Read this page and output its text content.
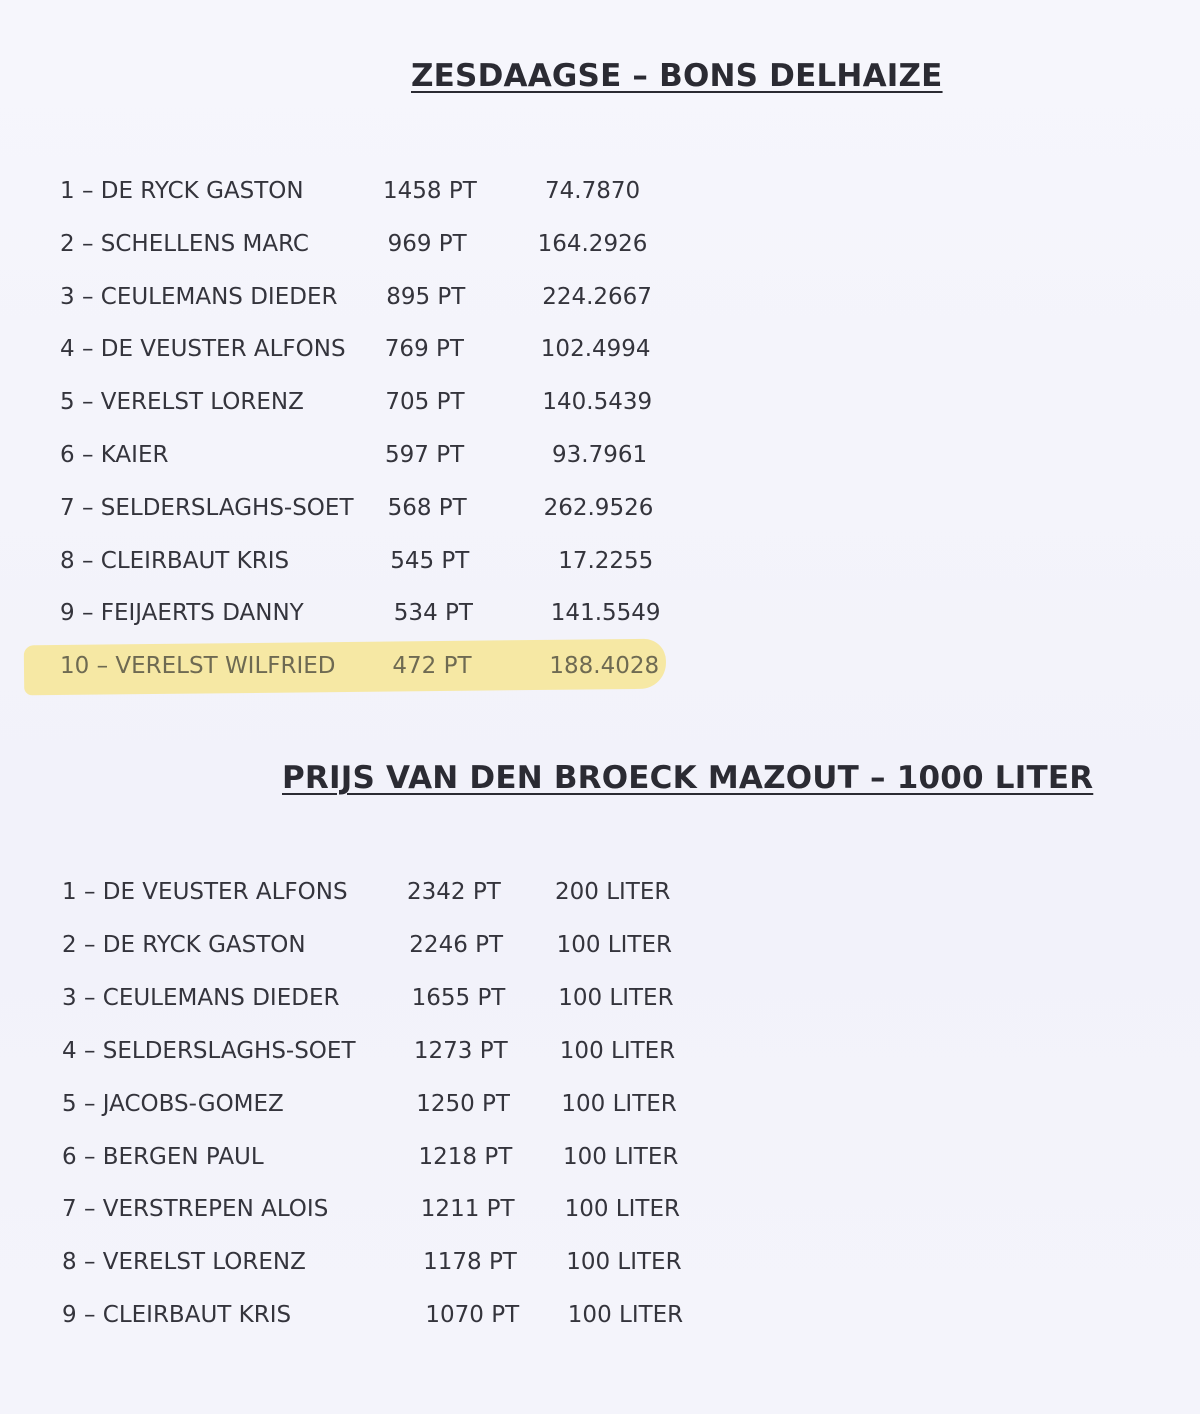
ZESDAAGSE – BONS DELHAIZE
1 – DE RYCK GASTON	1458 PT	74.7870
2 – SCHELLENS MARC	969 PT	164.2926
3 – CEULEMANS DIEDER 895 PT	224.2667
4 – DE VEUSTER ALFONS 769 PT	102.4994
5 – VERELST LORENZ	705 PT	140.5439
6 – KAIER	597 PT	93.7961
7 – SELDERSLAGHS-SOET 568 PT	262.9526
8 – CLEIRBAUT KRIS	545 PT	17.2255
9 – FEIJAERTS DANNY	534 PT	141.5549
10 – VERELST WILFRIED 472 PT	188.4028
PRIJS VAN DEN BROECK MAZOUT – 1000 LITER
1 – DE VEUSTER ALFONS	2342 PT 200 LITER
2 – DE RYCK GASTON	2246 PT 100 LITER
3 – CEULEMANS DIEDER	1655 PT 100 LITER
4 – SELDERSLAGHS-SOET	1273 PT 100 LITER
5 – JACOBS-GOMEZ	1250 PT 100 LITER
6 – BERGEN PAUL	1218 PT 100 LITER
7 – VERSTREPEN ALOIS	1211 PT 100 LITER
8 – VERELST LORENZ	1178 PT 100 LITER
9 – CLEIRBAUT KRIS	1070 PT 100 LITER
